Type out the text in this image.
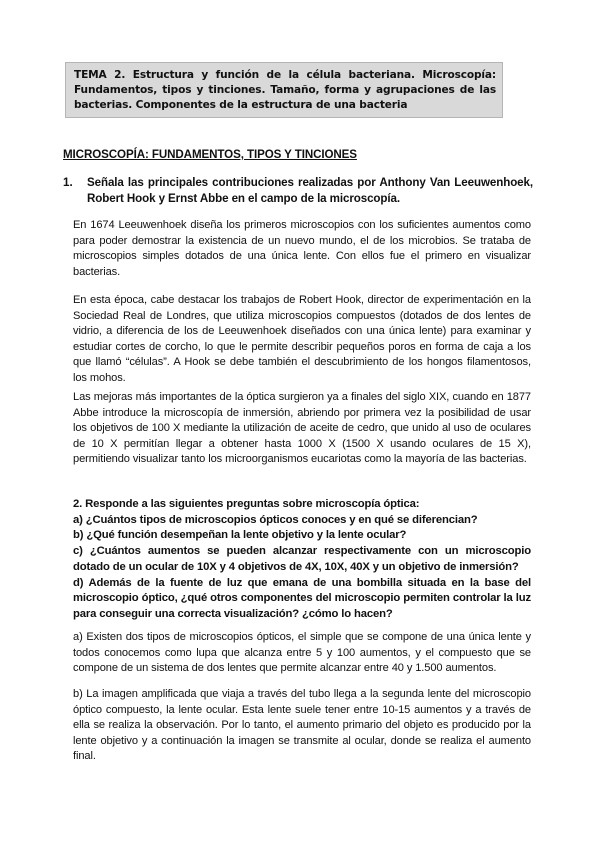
TEMA 2. Estructura y función de la célula bacteriana. Microscopía: Fundamentos, tipos y tinciones. Tamaño, forma y agrupaciones de las bacterias. Componentes de la estructura de una bacteria
MICROSCOPÍA: FUNDAMENTOS, TIPOS Y TINCIONES
1.	Señala las principales contribuciones realizadas por Anthony Van Leeuwenhoek, Robert Hook y Ernst Abbe en el campo de la microscopía.

En 1674 Leeuwenhoek diseña los primeros microscopios con los suficientes aumentos como para poder demostrar la existencia de un nuevo mundo, el de los microbios. Se trataba de microscopios simples dotados de una única lente. Con ellos fue el primero en visualizar bacterias.

En esta época, cabe destacar los trabajos de Robert Hook, director de experimentación en la Sociedad Real de Londres, que utiliza microscopios compuestos (dotados de dos lentes de vidrio, a diferencia de los de Leeuwenhoek diseñados con una única lente) para examinar y estudiar cortes de corcho, lo que le permite describir pequeños poros en forma de caja a los que llamó “células”. A Hook se debe también el descubrimiento de los hongos filamentosos, los mohos.

Las mejoras más importantes de la óptica surgieron ya a finales del siglo XIX, cuando en 1877 Abbe introduce la microscopía de inmersión, abriendo por primera vez la posibilidad de usar los objetivos de 100 X mediante la utilización de aceite de cedro, que unido al uso de oculares de 10 X permitían llegar a obtener hasta 1000 X (1500 X usando oculares de 15 X), permitiendo visualizar tanto los microorganismos eucariotas como la mayoría de las bacterias.

2. Responde a las siguientes preguntas sobre microscopía óptica:
a) ¿Cuántos tipos de microscopios ópticos conoces y en qué se diferencian?
b) ¿Qué función desempeñan la lente objetivo y la lente ocular?
c) ¿Cuántos aumentos se pueden alcanzar respectivamente con un microscopio dotado de un ocular de 10X y 4 objetivos de 4X, 10X, 40X y un objetivo de inmersión?
d) Además de la fuente de luz que emana de una bombilla situada en la base del microscopio óptico, ¿qué otros componentes del microscopio permiten controlar la luz para conseguir una correcta visualización? ¿cómo lo hacen?

a) Existen dos tipos de microscopios ópticos, el simple que se compone de una única lente y todos conocemos como lupa que alcanza entre 5 y 100 aumentos, y el compuesto que se compone de un sistema de dos lentes que permite alcanzar entre 40 y 1.500 aumentos.

b) La imagen amplificada que viaja a través del tubo llega a la segunda lente del microscopio óptico compuesto, la lente ocular. Esta lente suele tener entre 10-15 aumentos y a través de ella se realiza la observación. Por lo tanto, el aumento primario del objeto es producido por la lente objetivo y a continuación la imagen se transmite al ocular, donde se realiza el aumento final.
